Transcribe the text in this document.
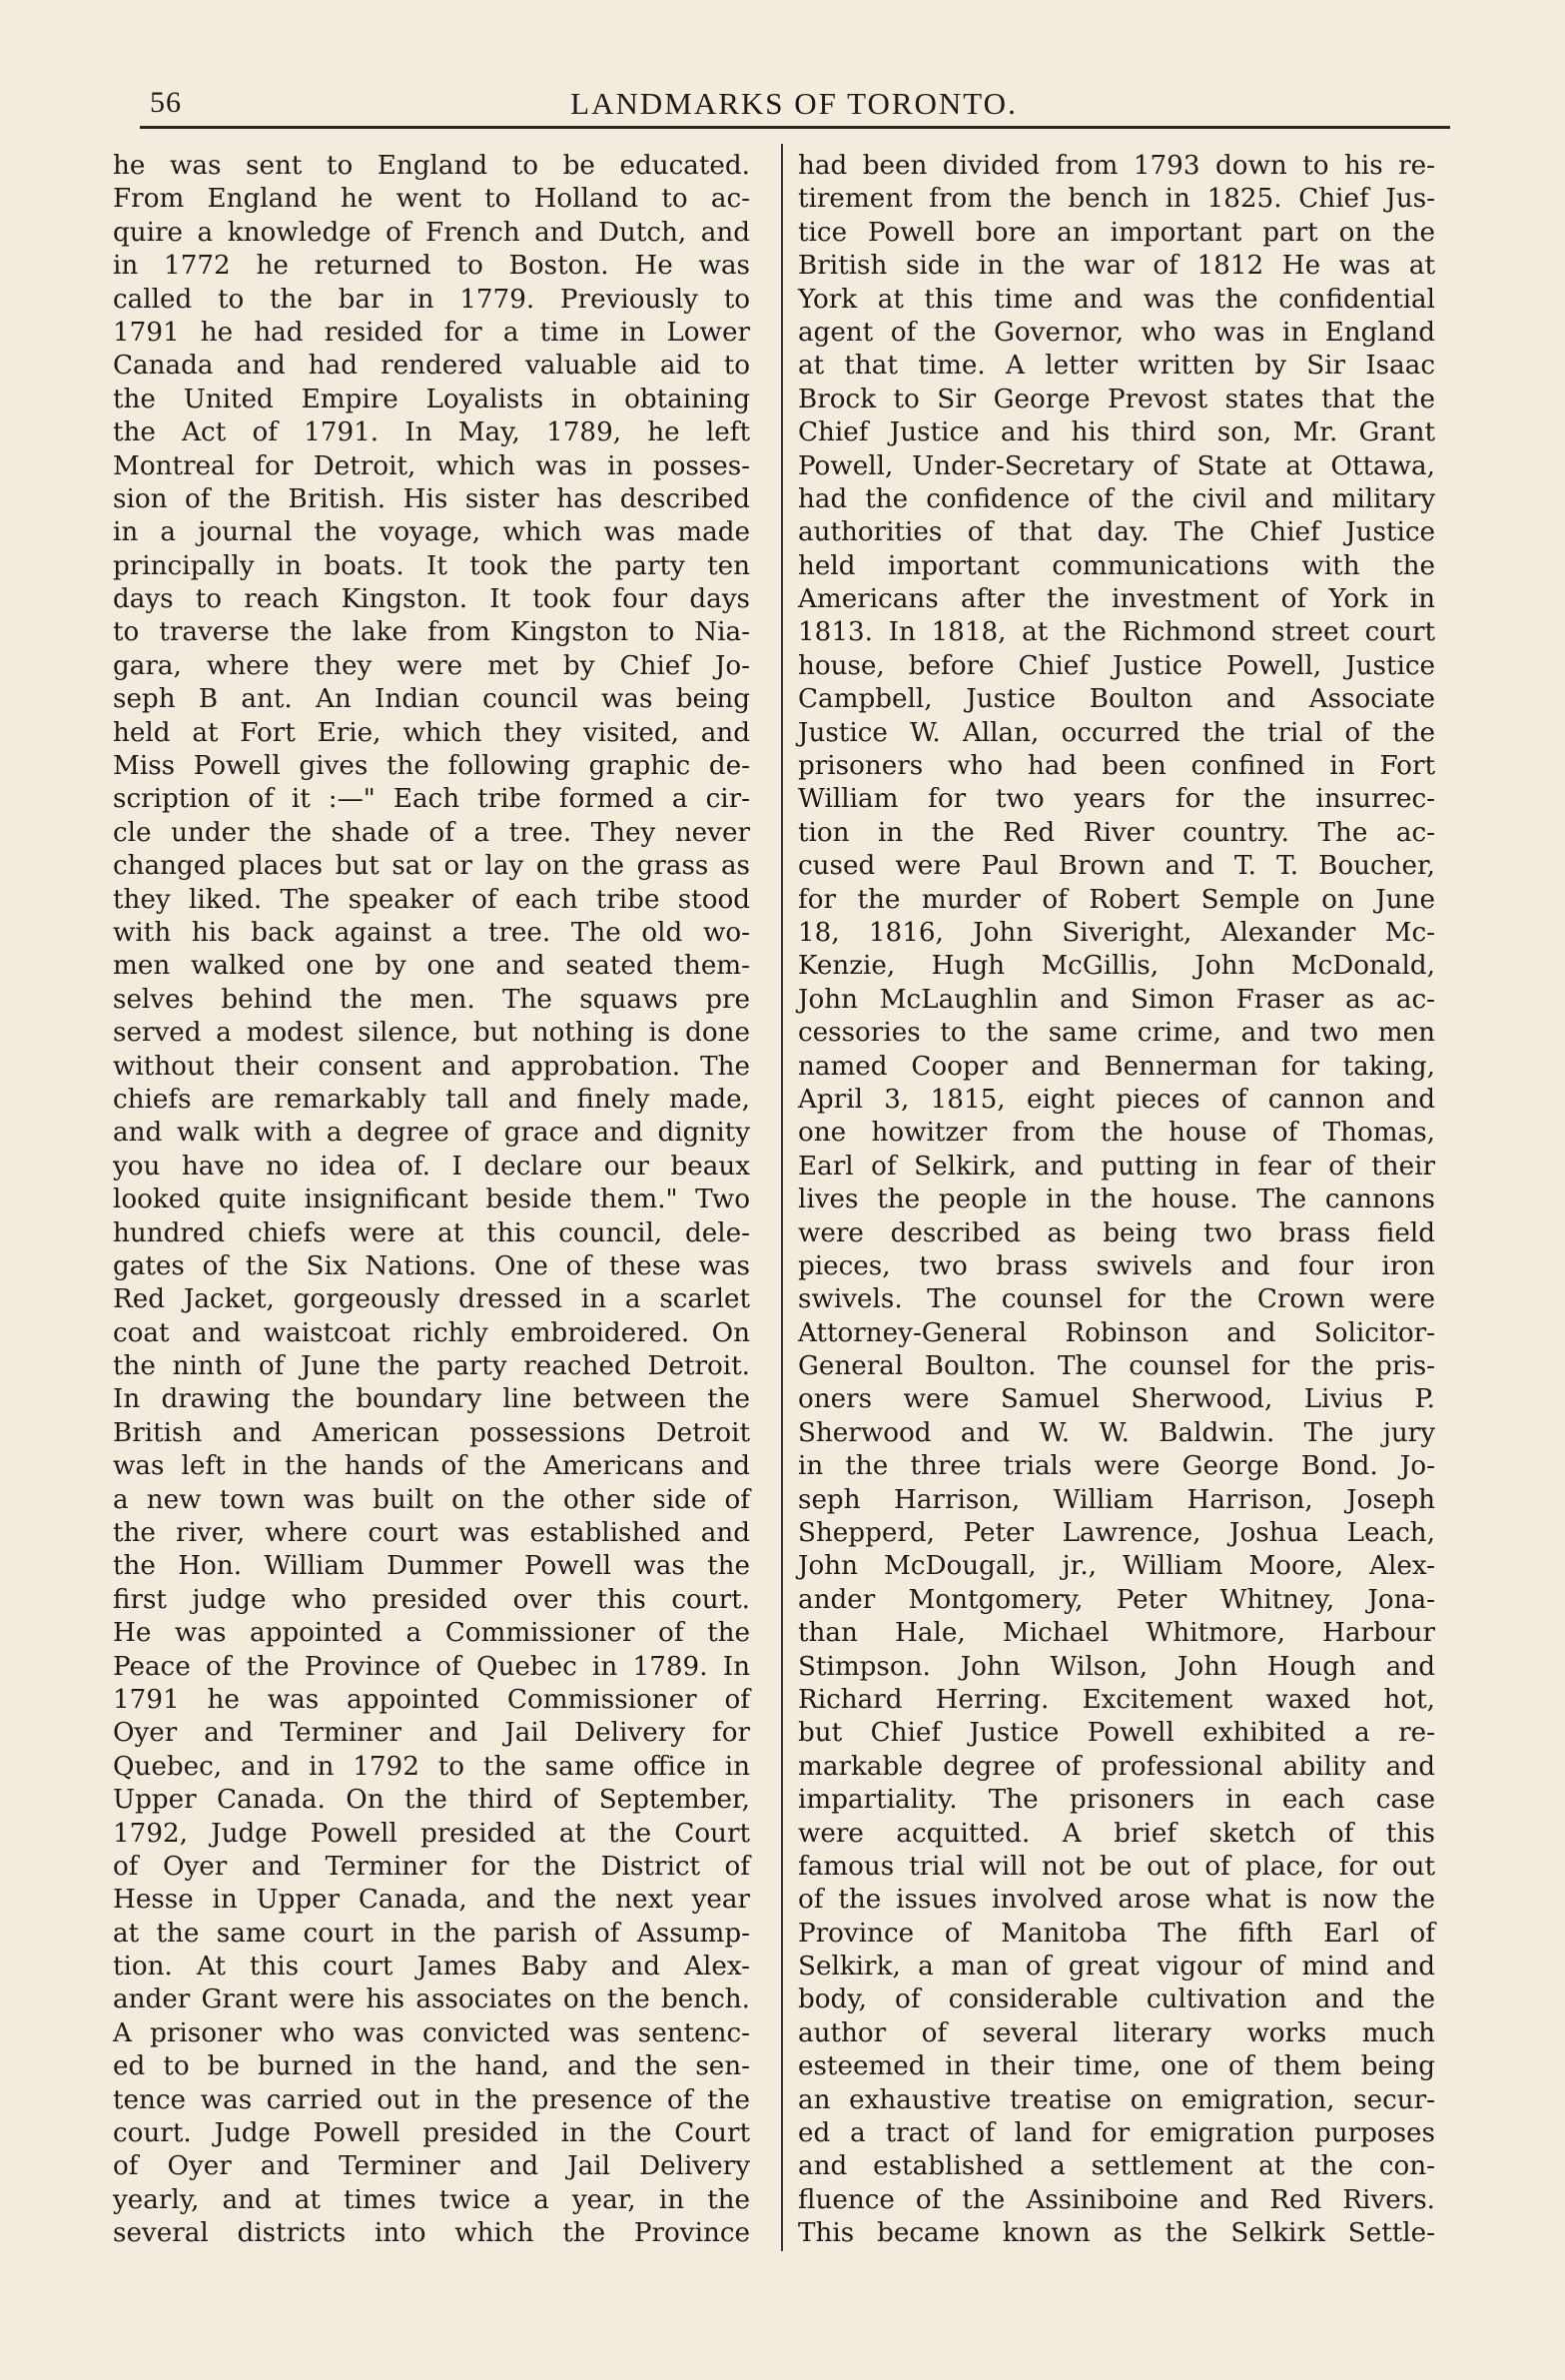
56	LANDMARKS OF TORONTO.
he was sent to England to be educated.
From England he went to Holland to ac-
quire a knowledge of French and Dutch, and
in 1772 he returned to Boston. He was
called to the bar in 1779. Previously to
1791 he had resided for a time in Lower
Canada and had rendered valuable aid to
the United Empire Loyalists in obtaining
the Act of 1791. In May, 1789, he left
Montreal for Detroit, which was in posses-
sion of the British. His sister has described
in a journal the voyage, which was made
principally in boats. It took the party ten
days to reach Kingston. It took four days
to traverse the lake from Kingston to Nia-
gara, where they were met by Chief Jo-
seph B ant. An Indian council was being
held at Fort Erie, which they visited, and
Miss Powell gives the following graphic de-
scription of it :—" Each tribe formed a cir-
cle under the shade of a tree. They never
changed places but sat or lay on the grass as
they liked. The speaker of each tribe stood
with his back against a tree. The old wo-
men walked one by one and seated them-
selves behind the men. The squaws pre
served a modest silence, but nothing is done
without their consent and approbation. The
chiefs are remarkably tall and finely made,
and walk with a degree of grace and dignity
you have no idea of. I declare our beaux
looked quite insignificant beside them." Two
hundred chiefs were at this council, dele-
gates of the Six Nations. One of these was
Red Jacket, gorgeously dressed in a scarlet
coat and waistcoat richly embroidered. On
the ninth of June the party reached Detroit.
In drawing the boundary line between the
British and American possessions Detroit
was left in the hands of the Americans and
a new town was built on the other side of
the river, where court was established and
the Hon. William Dummer Powell was the
first judge who presided over this court.
He was appointed a Commissioner of the
Peace of the Province of Quebec in 1789. In
1791 he was appointed Commissioner of
Oyer and Terminer and Jail Delivery for
Quebec, and in 1792 to the same office in
Upper Canada. On the third of September,
1792, Judge Powell presided at the Court
of Oyer and Terminer for the District of
Hesse in Upper Canada, and the next year
at the same court in the parish of Assump-
tion. At this court James Baby and Alex-
ander Grant were his associates on the bench.
A prisoner who was convicted was sentenc-
ed to be burned in the hand, and the sen-
tence was carried out in the presence of the
court. Judge Powell presided in the Court
of Oyer and Terminer and Jail Delivery
yearly, and at times twice a year, in the
several districts into which the Province
had been divided from 1793 down to his re-
tirement from the bench in 1825. Chief Jus-
tice Powell bore an important part on the
British side in the war of 1812 He was at
York at this time and was the confidential
agent of the Governor, who was in England
at that time. A letter written by Sir Isaac
Brock to Sir George Prevost states that the
Chief Justice and his third son, Mr. Grant
Powell, Under-Secretary of State at Ottawa,
had the confidence of the civil and military
authorities of that day. The Chief Justice
held important communications with the
Americans after the investment of York in
1813. In 1818, at the Richmond street court
house, before Chief Justice Powell, Justice
Campbell, Justice Boulton and Associate
Justice W. Allan, occurred the trial of the
prisoners who had been confined in Fort
William for two years for the insurrec-
tion in the Red River country. The ac-
cused were Paul Brown and T. T. Boucher,
for the murder of Robert Semple on June
18, 1816, John Siveright, Alexander Mc-
Kenzie, Hugh McGillis, John McDonald,
John McLaughlin and Simon Fraser as ac-
cessories to the same crime, and two men
named Cooper and Bennerman for taking,
April 3, 1815, eight pieces of cannon and
one howitzer from the house of Thomas,
Earl of Selkirk, and putting in fear of their
lives the people in the house. The cannons
were described as being two brass field
pieces, two brass swivels and four iron
swivels. The counsel for the Crown were
Attorney-General Robinson and Solicitor-
General Boulton. The counsel for the pris-
oners were Samuel Sherwood, Livius P.
Sherwood and W. W. Baldwin. The jury
in the three trials were George Bond. Jo-
seph Harrison, William Harrison, Joseph
Shepperd, Peter Lawrence, Joshua Leach,
John McDougall, jr., William Moore, Alex-
ander Montgomery, Peter Whitney, Jona-
than Hale, Michael Whitmore, Harbour
Stimpson. John Wilson, John Hough and
Richard Herring. Excitement waxed hot,
but Chief Justice Powell exhibited a re-
markable degree of professional ability and
impartiality. The prisoners in each case
were acquitted. A brief sketch of this
famous trial will not be out of place, for out
of the issues involved arose what is now the
Province of Manitoba The fifth Earl of
Selkirk, a man of great vigour of mind and
body, of considerable cultivation and the
author of several literary works much
esteemed in their time, one of them being
an exhaustive treatise on emigration, secur-
ed a tract of land for emigration purposes
and established a settlement at the con-
fluence of the Assiniboine and Red Rivers.
This became known as the Selkirk Settle-
